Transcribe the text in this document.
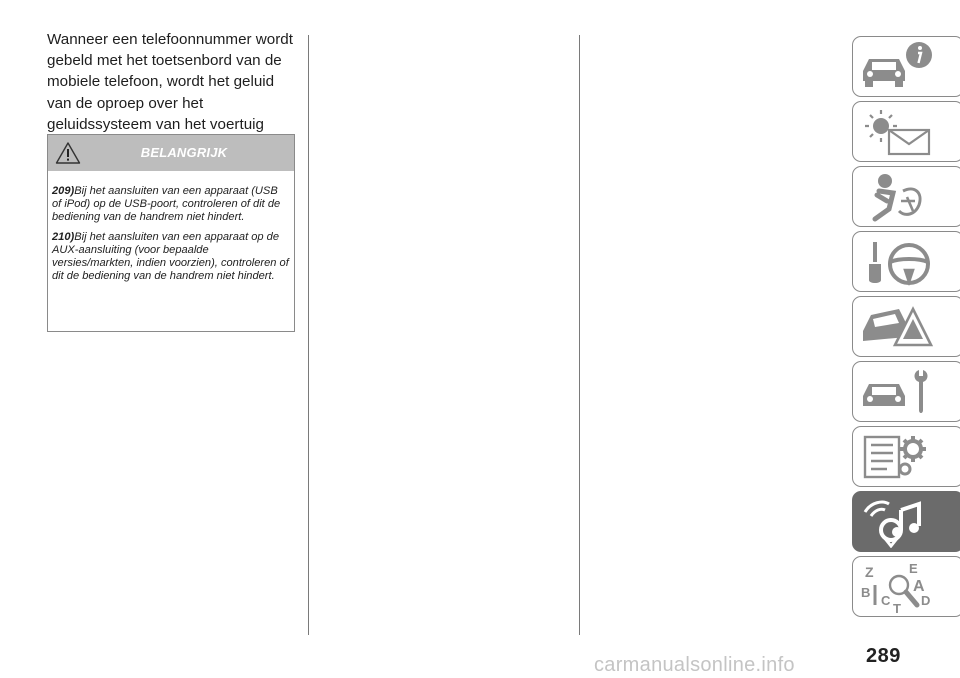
Wanneer een telefoonnummer wordt gebeld met het toetsenbord van de mobiele telefoon, wordt het geluid van de oproep over het geluidssysteem van het voertuig

BELANGRIJK

209)Bij het aansluiten van een apparaat (USB of iPod) op de USB-poort, controleren of dit de bediening van de handrem niet hindert.

210)Bij het aansluiten van een apparaat op de AUX-aansluiting (voor bepaalde versies/markten, indien voorzien), controleren of dit de bediening van de handrem niet hindert.

Z	E
A
B
C D
T
carmanualsonline.info	289
